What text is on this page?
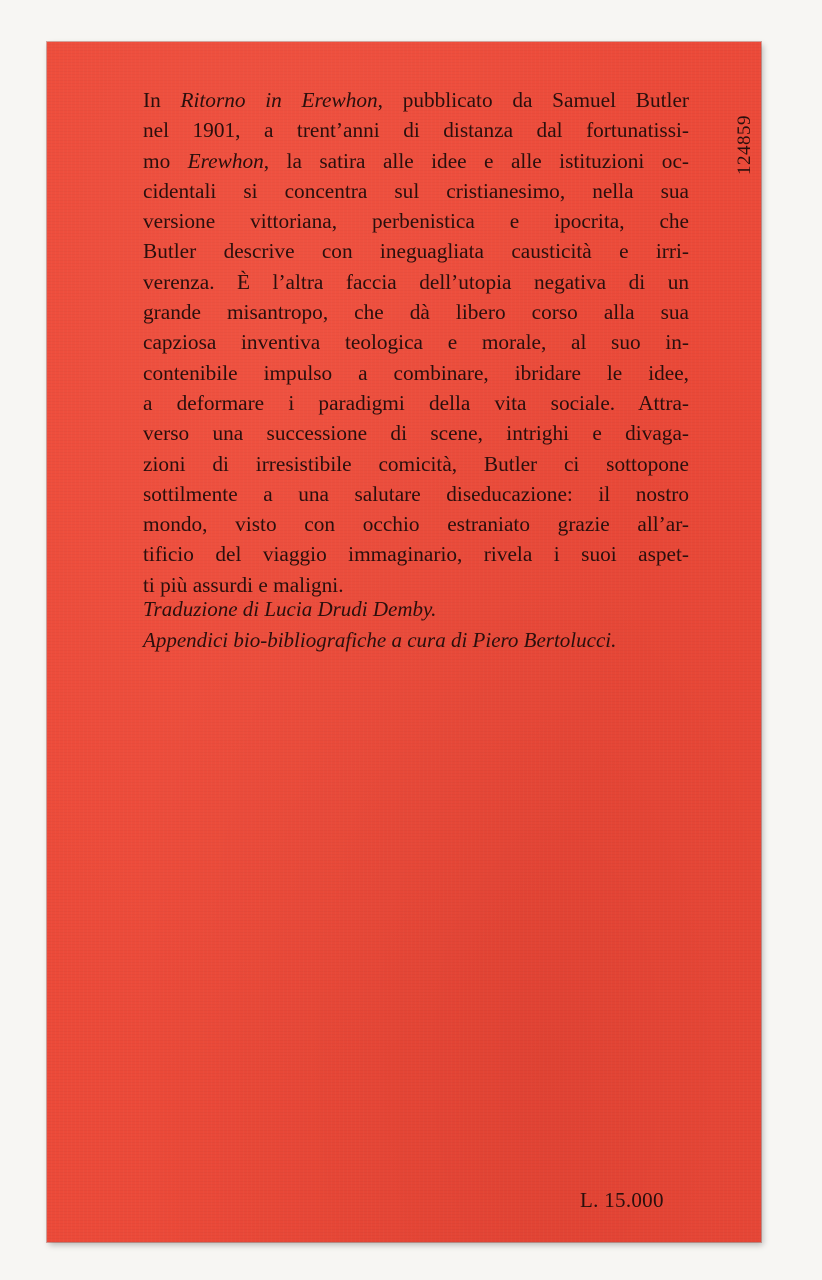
In Ritorno in Erewhon, pubblicato da Samuel Butler
nel 1901, a trent’anni di distanza dal fortunatissi-
mo Erewhon, la satira alle idee e alle istituzioni oc-
cidentali si concentra sul cristianesimo, nella sua
versione vittoriana, perbenistica e ipocrita, che
Butler descrive con ineguagliata causticità e irri-
verenza. È l’altra faccia dell’utopia negativa di un
grande misantropo, che dà libero corso alla sua
capziosa inventiva teologica e morale, al suo in-
contenibile impulso a combinare, ibridare le idee,
a deformare i paradigmi della vita sociale. Attra-
verso una successione di scene, intrighi e divaga-
zioni di irresistibile comicità, Butler ci sottopone
sottilmente a una salutare diseducazione: il nostro
mondo, visto con occhio estraniato grazie all’ar-
tificio del viaggio immaginario, rivela i suoi aspet-
ti più assurdi e maligni.
Traduzione di Lucia Drudi Demby.
Appendici bio-bibliografiche a cura di Piero Bertolucci.
124859
L. 15.000
